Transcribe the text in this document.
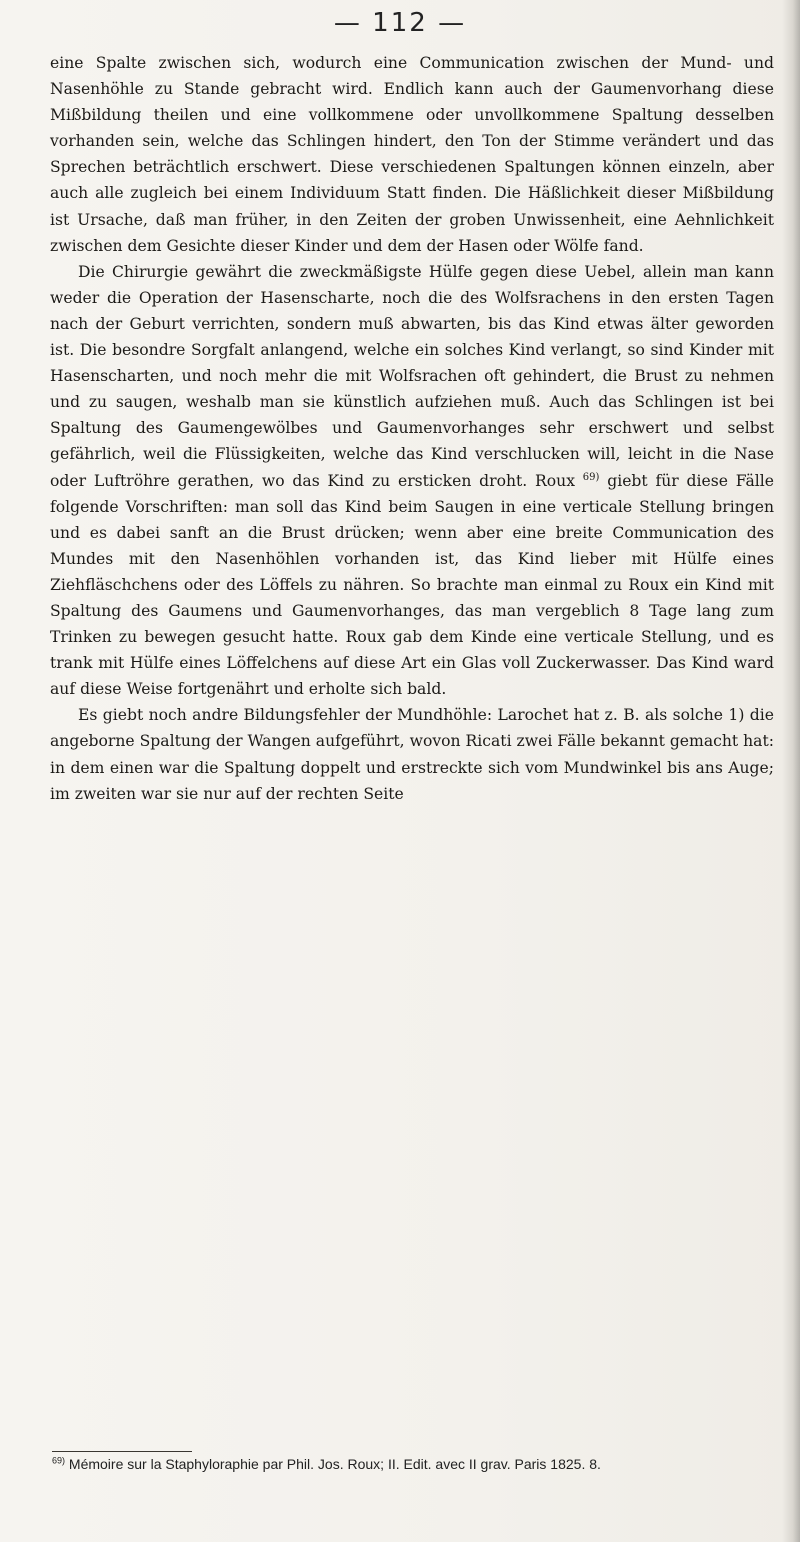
— 112 —

eine Spalte zwischen sich, wodurch eine Communication zwischen der Mund- und Nasenhöhle zu Stande gebracht wird. Endlich kann auch der Gaumenvorhang diese Mißbildung theilen und eine vollkommene oder unvollkommene Spaltung desselben vorhanden sein, welche das Schlingen hindert, den Ton der Stimme verändert und das Sprechen beträchtlich erschwert. Diese verschiedenen Spaltungen können einzeln, aber auch alle zugleich bei einem Individuum Statt finden. Die Häßlichkeit dieser Mißbildung ist Ursache, daß man früher, in den Zeiten der groben Unwissenheit, eine Aehnlichkeit zwischen dem Gesichte dieser Kinder und dem der Hasen oder Wölfe fand.

Die Chirurgie gewährt die zweckmäßigste Hülfe gegen diese Uebel, allein man kann weder die Operation der Hasenscharte, noch die des Wolfsrachens in den ersten Tagen nach der Geburt verrichten, sondern muß abwarten, bis das Kind etwas älter geworden ist. Die besondre Sorgfalt anlangend, welche ein solches Kind verlangt, so sind Kinder mit Hasenscharten, und noch mehr die mit Wolfsrachen oft gehindert, die Brust zu nehmen und zu saugen, weshalb man sie künstlich aufziehen muß. Auch das Schlingen ist bei Spaltung des Gaumengewölbes und Gaumenvorhanges sehr erschwert und selbst gefährlich, weil die Flüssigkeiten, welche das Kind verschlucken will, leicht in die Nase oder Luftröhre gerathen, wo das Kind zu ersticken droht. Roux $^{69)}$ giebt für diese Fälle folgende Vorschriften: man soll das Kind beim Saugen in eine verticale Stellung bringen und es dabei sanft an die Brust drücken; wenn aber eine breite Communication des Mundes mit den Nasenhöhlen vorhanden ist, das Kind lieber mit Hülfe eines Ziehfläschchens oder des Löffels zu nähren. So brachte man einmal zu Roux ein Kind mit Spaltung des Gaumens und Gaumenvorhanges, das man vergeblich 8 Tage lang zum Trinken zu bewegen gesucht hatte. Roux gab dem Kinde eine verticale Stellung, und es trank mit Hülfe eines Löffelchens auf diese Art ein Glas voll Zuckerwasser. Das Kind ward auf diese Weise fortgenährt und erholte sich bald.

Es giebt noch andre Bildungsfehler der Mundhöhle: Larochet hat z. B. als solche 1) die angeborne Spaltung der Wangen aufgeführt, wovon Ricati zwei Fälle bekannt gemacht hat: in dem einen war die Spaltung doppelt und erstreckte sich vom Mundwinkel bis ans Auge; im zweiten war sie nur auf der rechten Seite

$^{69)}$ Mémoire sur la Staphyloraphie par Phil. Jos. Roux; II. Edit. avec II grav. Paris 1825. 8.
